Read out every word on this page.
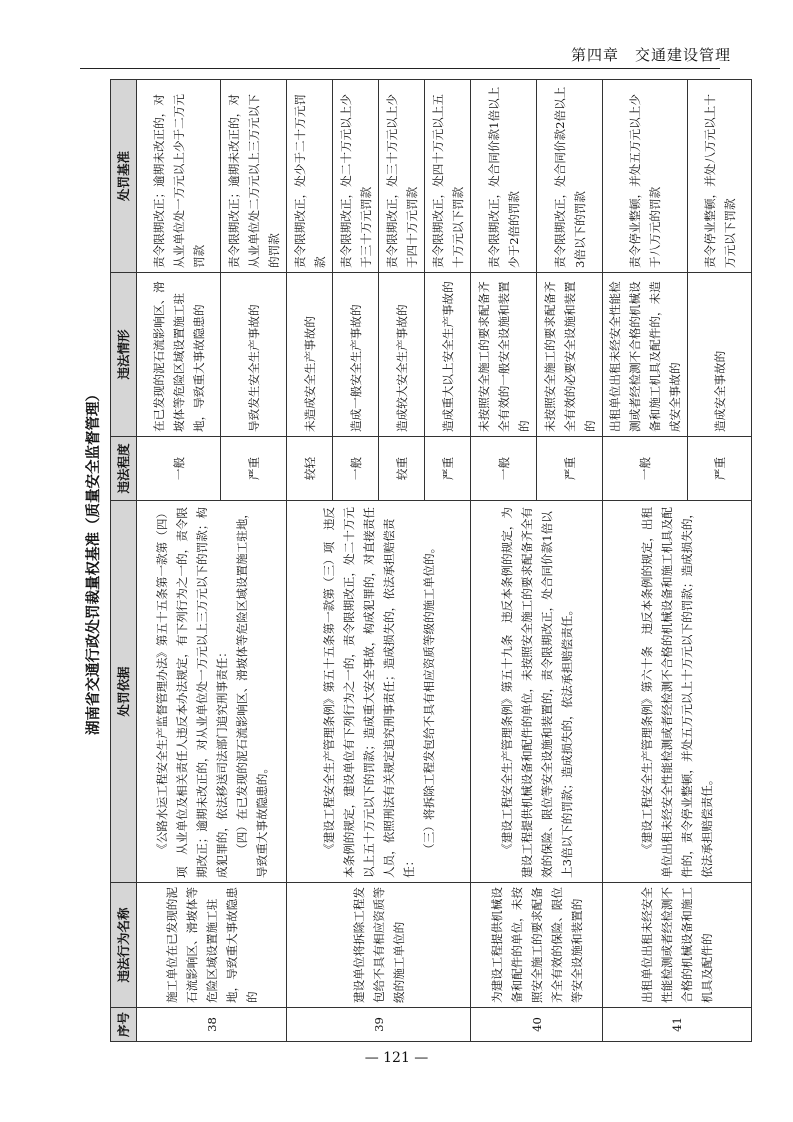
第四章　交通建设管理
湖南省交通行政处罚裁量权基准（质量安全监督管理）
序号	违法行为名称	处罚依据	违法程度	违法情形	处罚基准
38	施工单位在已发现的泥石流影响区、滑坡体等危险区域设置施工驻地，导致重大事故隐患的	《公路水运工程安全生产监督管理办法》第五十五条第一款第（四）项　从业单位及相关责任人违反本办法规定，有下列行为之一的，责令限期改正；逾期未改正的，对从业单位处一万元以上三万元以下的罚款；构成犯罪的，依法移送司法部门追究刑事责任： （四）在已发现的泥石流影响区、滑坡体等危险区域设置施工驻地，导致重大事故隐患的。	一般	在已发现的泥石流影响区、滑坡体等危险区域设置施工驻地，导致重大事故隐患的	责令限期改正；逾期未改正的，对从业单位处一万元以上少于二万元罚款
			严重	导致发生安全生产事故的	责令限期改正；逾期未改正的，对从业单位处二万元以上三万元以下的罚款
39	建设单位将拆除工程发包给不具有相应资质等级的施工单位的	《建设工程安全生产管理条例》第五十五条第一款第（三）项　违反本条例的规定，建设单位有下列行为之一的，责令限期改正，处二十万元以上五十万元以下的罚款；造成重大安全事故，构成犯罪的，对直接责任人员，依照刑法有关规定追究刑事责任；造成损失的，依法承担赔偿责任：

（三）将拆除工程发包给不具有相应资质等级的施工单位的。	较轻	未造成安全生产事故的	责令限期改正，处少于二十万元罚款
			一般	造成一般安全生产事故的	责令限期改正，处二十万元以上少于三十万元罚款
			较重	造成较大安全生产事故的	责令限期改正，处三十万元以上少于四十万元罚款
			严重	造成重大以上安全生产事故的	责令限期改正，处四十万元以上五十万元以下罚款
40	为建设工程提供机械设备和配件的单位，未按照安全施工的要求配备齐全有效的保险、限位等安全设施和装置的	《建设工程安全生产管理条例》第五十九条　违反本条例的规定，为建设工程提供机械设备和配件的单位，未按照安全施工的要求配备齐全有效的保险、限位等安全设施和装置的，责令限期改正，处合同价款1倍以上3倍以下的罚款；造成损失的，依法承担赔偿责任。	一般	未按照安全施工的要求配备齐全有效的一般安全设施和装置的	责令限期改正，处合同价款1倍以上少于2倍的罚款
			严重	未按照安全施工的要求配备齐全有效的必要安全设施和装置的	责令限期改正，处合同价款2倍以上3倍以下的罚款
41	出租单位出租未经安全性能检测或者经检测不合格的机械设备和施工机具及配件的	《建设工程安全生产管理条例》第六十条　违反本条例的规定，出租单位出租未经安全性能检测或者经检测不合格的机械设备和施工机具及配件的，责令停业整顿，并处五万元以上十万元以下的罚款；造成损失的，依法承担赔偿责任。	一般	出租单位出租未经安全性能检测或者经检测不合格的机械设备和施工机具及配件的，未造成安全事故的	责令停业整顿，并处五万元以上少于八万元的罚款
			严重	造成安全事故的	责令停业整顿，并处八万元以上十万元以下罚款
— 121 —
